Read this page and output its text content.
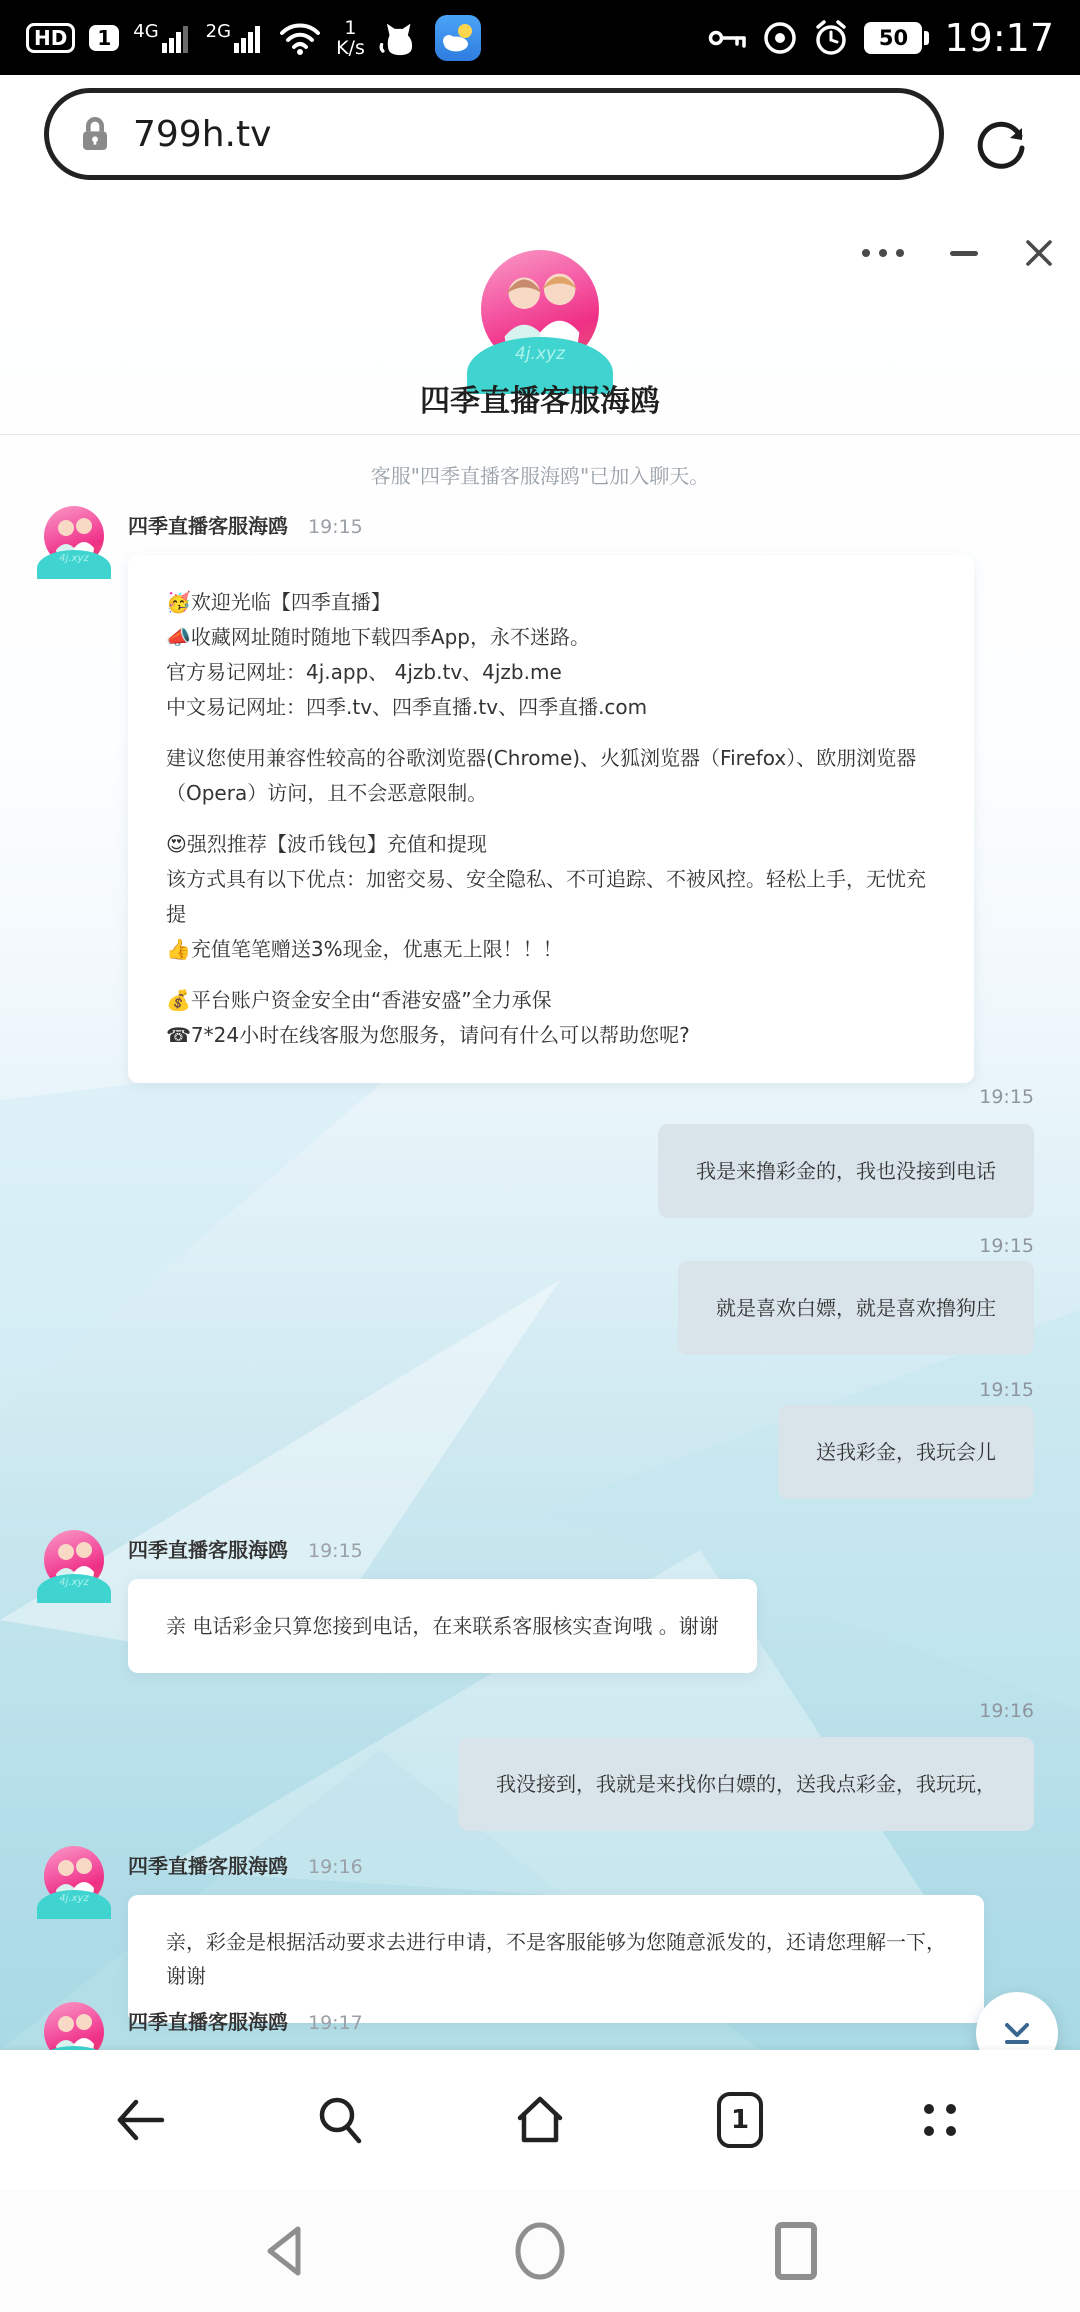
HD	1	4G	2G	1
K/s	50 19:17
799h.tv
4j.xyz
四季直播客服海鸥
客服"四季直播客服海鸥"已加入聊天。
4j.xyz
四季直播客服海鸥 19:15
🥳欢迎光临【四季直播】
📣收藏网址随时随地下载四季App，永不迷路。
官方易记网址：4j.app、 4jzb.tv、4jzb.me
中文易记网址：四季.tv、四季直播.tv、四季直播.com
建议您使用兼容性较高的谷歌浏览器(Chrome)、火狐浏览器（Firefox）、欧朋浏览器
（Opera）访问，且不会恶意限制。
😍强烈推荐【波币钱包】充值和提现
该方式具有以下优点：加密交易、安全隐私、不可追踪、不被风控。轻松上手，无忧充提
👍充值笔笔赠送3%现金，优惠无上限！！！
💰平台账户资金安全由“香港安盛”全力承保
☎7*24小时在线客服为您服务，请问有什么可以帮助您呢?
19:15
我是来撸彩金的，我也没接到电话
19:15
就是喜欢白嫖，就是喜欢撸狗庄
19:15
送我彩金，我玩会儿
4j.xyz
四季直播客服海鸥 19:15
亲 电话彩金只算您接到电话，在来联系客服核实查询哦 。谢谢
19:16
我没接到，我就是来找你白嫖的，送我点彩金，我玩玩，
4j.xyz
四季直播客服海鸥 19:16
亲，彩金是根据活动要求去进行申请，不是客服能够为您随意派发的，还请您理解一下，
谢谢
四季直播客服海鸥 19:17
1
